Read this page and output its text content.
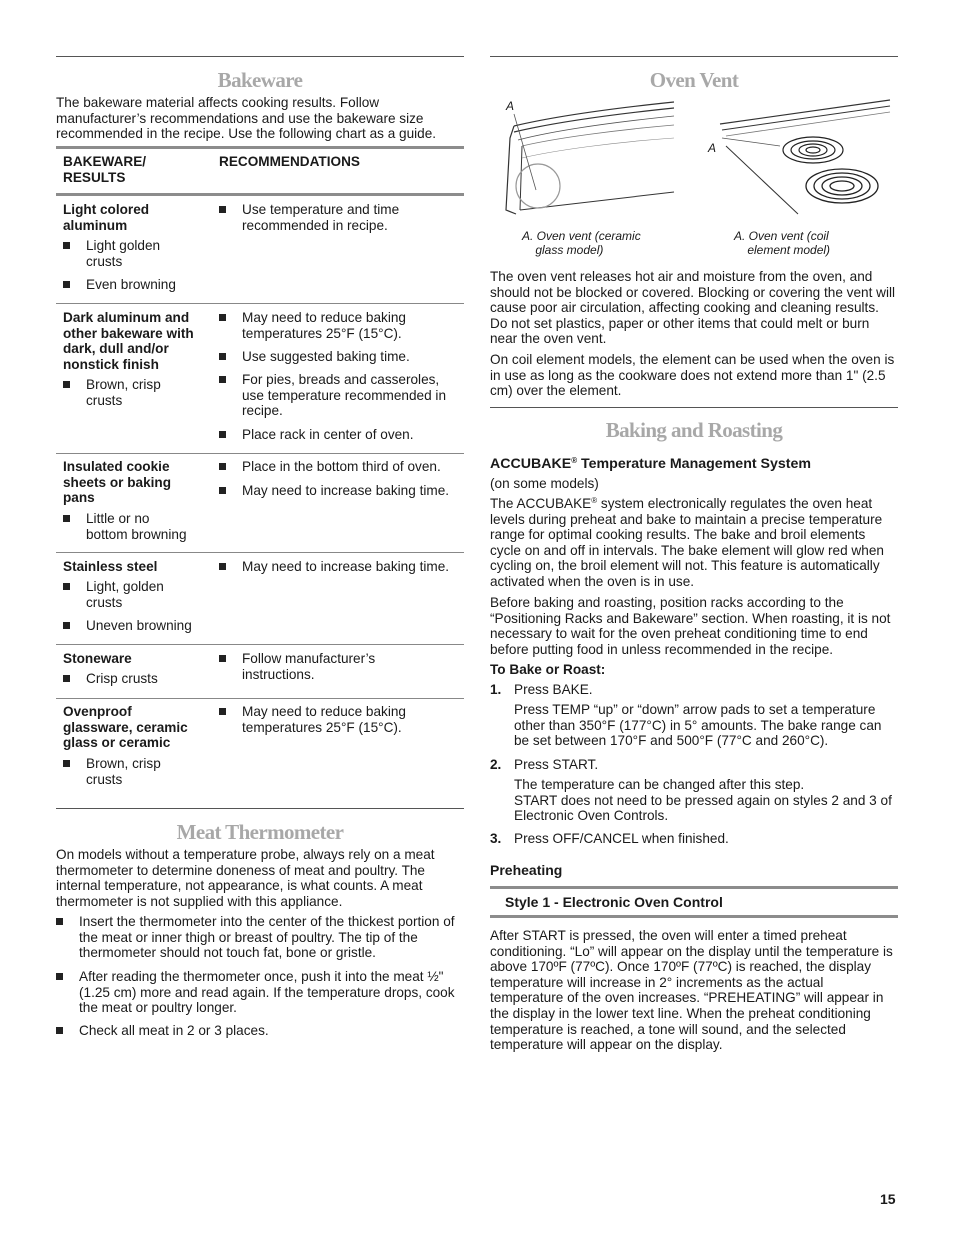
Bakeware

The bakeware material affects cooking results. Follow manufacturer’s recommendations and use the bakeware size recommended in the recipe. Use the following chart as a guide.

BAKEWARE/
RESULTS

RECOMMENDATIONS

Light colored
aluminum

Light golden
crusts

Even browning

Use temperature and time
recommended in recipe.

Dark aluminum and
other bakeware with
dark, dull and/or
nonstick finish

Brown, crisp
crusts

May need to reduce baking
temperatures 25°F (15°C).

Use suggested baking time.

For pies, breads and casseroles,
use temperature recommended in
recipe.

Place rack in center of oven.

Insulated cookie
sheets or baking
pans

Little or no
bottom browning

Place in the bottom third of oven.

May need to increase baking time.

Stainless steel

Light, golden
crusts

Uneven browning

May need to increase baking time.

Stoneware

Crisp crusts

Follow manufacturer’s
instructions.

Ovenproof
glassware, ceramic
glass or ceramic

Brown, crisp
crusts

May need to reduce baking
temperatures 25°F (15°C).

Meat Thermometer

On models without a temperature probe, always rely on a meat thermometer to determine doneness of meat and poultry. The internal temperature, not appearance, is what counts. A meat thermometer is not supplied with this appliance.

Insert the thermometer into the center of the thickest portion of the meat or inner thigh or breast of poultry. The tip of the thermometer should not touch fat, bone or gristle.

After reading the thermometer once, push it into the meat ½" (1.25 cm) more and read again. If the temperature drops, cook the meat or poultry longer.

Check all meat in 2 or 3 places.

Oven Vent
A
A

A. Oven vent (ceramic
glass model)

A. Oven vent (coil
element model)

The oven vent releases hot air and moisture from the oven, and should not be blocked or covered. Blocking or covering the vent will cause poor air circulation, affecting cooking and cleaning results. Do not set plastics, paper or other items that could melt or burn near the oven vent.

On coil element models, the element can be used when the oven is in use as long as the cookware does not extend more than 1" (2.5 cm) over the element.

Baking and Roasting

ACCUBAKE® Temperature Management System

(on some models)

The ACCUBAKE® system electronically regulates the oven heat levels during preheat and bake to maintain a precise temperature range for optimal cooking results. The bake and broil elements cycle on and off in intervals. The bake element will glow red when cycling on, the broil element will not. This feature is automatically activated when the oven is in use.

Before baking and roasting, position racks according to the “Positioning Racks and Bakeware” section. When roasting, it is not necessary to wait for the oven preheat conditioning time to end before putting food in unless recommended in the recipe.

To Bake or Roast:

1. Press BAKE.

Press TEMP “up” or “down” arrow pads to set a temperature other than 350°F (177°C) in 5° amounts. The bake range can be set between 170°F and 500°F (77°C and 260°C).

2. Press START.

The temperature can be changed after this step.
START does not need to be pressed again on styles 2 and 3 of Electronic Oven Controls.

3. Press OFF/CANCEL when finished.

Preheating

Style 1 - Electronic Oven Control

After START is pressed, the oven will enter a timed preheat conditioning. “Lo” will appear on the display until the temperature is above 170ºF (77ºC). Once 170ºF (77ºC) is reached, the display temperature will increase in 2° increments as the actual temperature of the oven increases. “PREHEATING” will appear in the display in the lower text line. When the preheat conditioning temperature is reached, a tone will sound, and the selected temperature will appear on the display.

15
